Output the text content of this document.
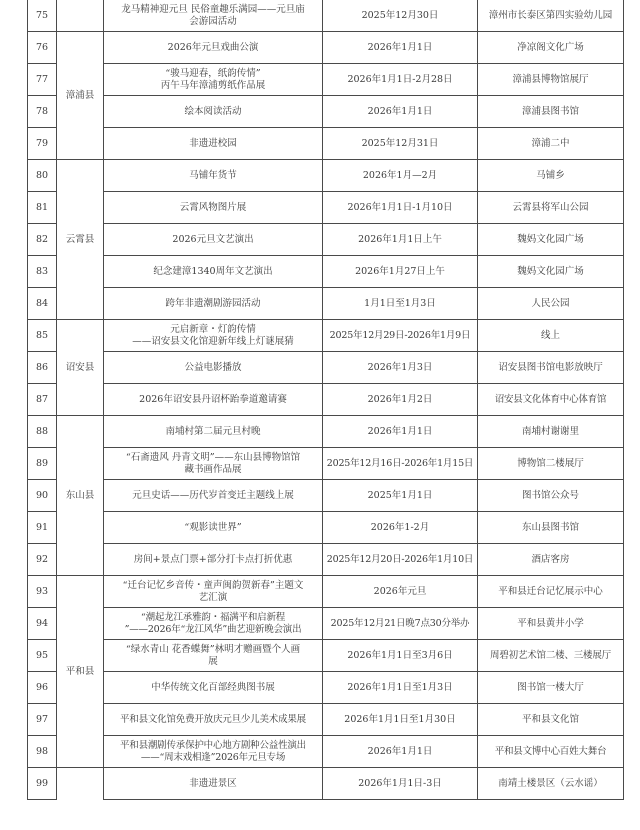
75		龙马精神迎元旦 民俗童趣乐满园——元旦庙
会游园活动	2025年12月30日	漳州市长泰区第四实验幼儿园
76	漳浦县	2026年元旦戏曲公演	2026年1月1日	净凉阁文化广场
77		“骏马迎春，纸韵传情”
丙午马年漳浦剪纸作品展	2026年1月1日-2月28日	漳浦县博物馆展厅
78		绘本阅读活动	2026年1月1日	漳浦县图书馆
79		非遗进校园	2025年12月31日	漳浦二中
80	云霄县	马铺年货节	2026年1月—2月	马铺乡
81		云霄风物图片展	2026年1月1日-1月10日	云霄县将军山公园
82		2026元旦文艺演出	2026年1月1日上午	魏妈文化园广场
83		纪念建漳1340周年文艺演出	2026年1月27日上午	魏妈文化园广场
84		跨年非遗潮剧游园活动	1月1日至1月3日	人民公园
85	诏安县	元启新章・灯韵传情
——诏安县文化馆迎新年线上灯谜展猜	2025年12月29日-2026年1月9日	线上
86		公益电影播放	2026年1月3日	诏安县图书馆电影放映厅
87		2026年诏安县丹诏杯跆拳道邀请赛	2026年1月2日	诏安县文化体育中心体育馆
88	东山县	南埔村第二届元旦村晚	2026年1月1日	南埔村谢谢里
89		“石斋遗风 丹青文明”——东山县博物馆馆
藏书画作品展	2025年12月16日-2026年1月15日	博物馆二楼展厅
90		元旦史话——历代岁首变迁主题线上展	2025年1月1日	图书馆公众号
91		“观影读世界”	2026年1-2月	东山县图书馆
92		房间+景点门票+部分打卡点打折优惠	2025年12月20日-2026年1月10日	酒店客房
93	平和县	“迁台记忆乡音传・童声闽韵贺新春”主题文
艺汇演	2026年元旦	平和县迁台记忆展示中心
94		“潮起龙江承雅韵・福满平和启新程
”——2026年“龙江风华”曲艺迎新晚会演出	2025年12月21日晚7点30分举办	平和县黄井小学
95		“绿水青山 花香蝶舞”林明才赠画暨个人画
展	2026年1月1日至3月6日	周碧初艺术馆二楼、三楼展厅
96		中华传统文化百部经典图书展	2026年1月1日至1月3日	图书馆一楼大厅
97		平和县文化馆免费开放庆元旦少儿美术成果展	2026年1月1日至1月30日	平和县文化馆
98		平和县潮剧传承保护中心地方剧种公益性演出
——“周末戏相逢”2026年元旦专场	2026年1月1日	平和县文博中心百姓大舞台
99		非遗进景区	2026年1月1日-3日	南靖土楼景区（云水谣）
